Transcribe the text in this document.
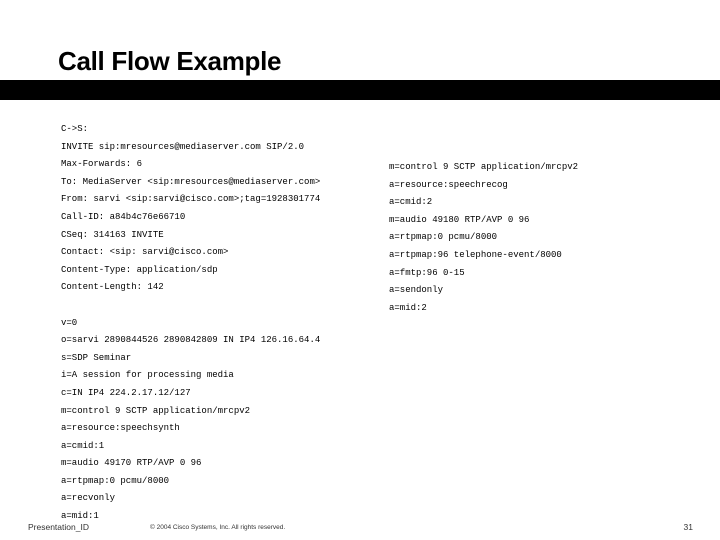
Call Flow Example
Cisco.com
C->S:
INVITE sip:mresources@mediaserver.com SIP/2.0
Max-Forwards: 6
To: MediaServer <sip:mresources@mediaserver.com>
From: sarvi <sip:sarvi@cisco.com>;tag=1928301774
Call-ID: a84b4c76e66710
CSeq: 314163 INVITE
Contact: <sip: sarvi@cisco.com>
Content-Type: application/sdp
Content-Length: 142
v=0
o=sarvi 2890844526 2890842809 IN IP4 126.16.64.4
s=SDP Seminar
i=A session for processing media
c=IN IP4 224.2.17.12/127
m=control 9 SCTP application/mrcpv2
a=resource:speechsynth
a=cmid:1
m=audio 49170 RTP/AVP 0 96
a=rtpmap:0 pcmu/8000
a=recvonly
a=mid:1
m=control 9 SCTP application/mrcpv2
a=resource:speechrecog
a=cmid:2
m=audio 49180 RTP/AVP 0 96
a=rtpmap:0 pcmu/8000
a=rtpmap:96 telephone-event/8000
a=fmtp:96 0-15
a=sendonly
a=mid:2
Presentation_ID	© 2004 Cisco Systems, Inc. All rights reserved.	31
